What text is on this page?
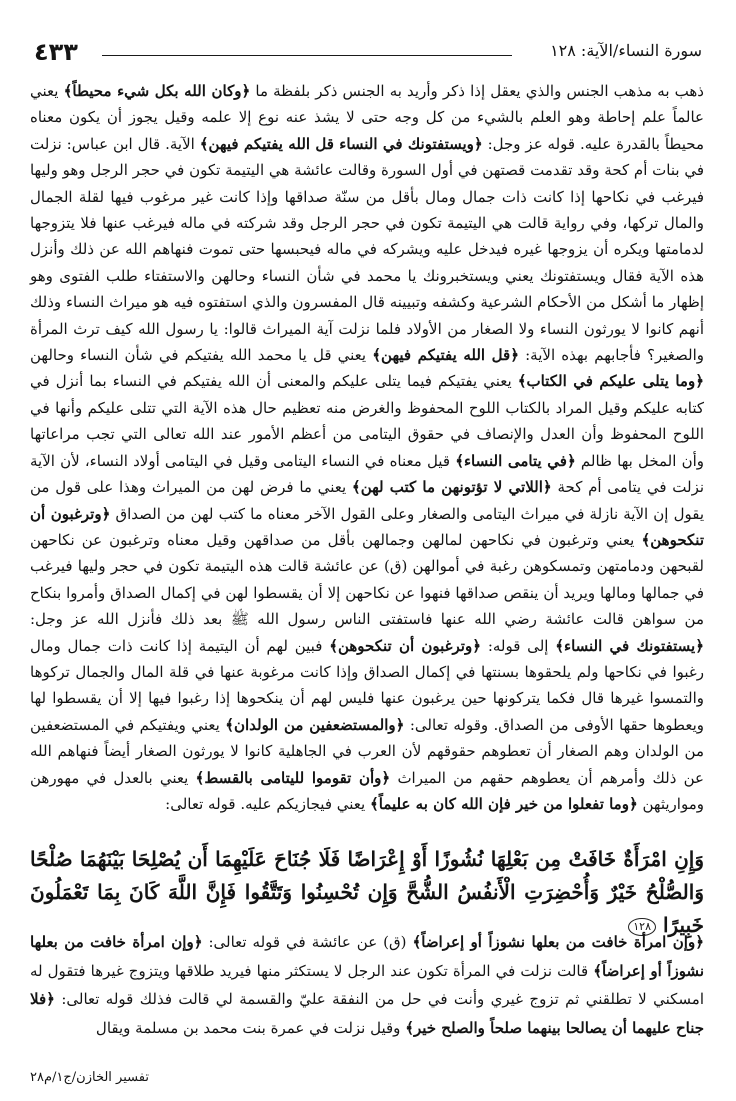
٤٣٣	سورة النساء/الآية: ١٢٨

ذهب به مذهب الجنس والذي يعقل إذا ذكر وأريد به الجنس ذكر بلفظة ما ﴿وكان الله بكل شيء محيطاً﴾ يعني عالماً علم إحاطة وهو العلم بالشيء من كل وجه حتى لا يشذ عنه نوع إلا علمه وقيل يجوز أن يكون معناه محيطاً بالقدرة عليه. قوله عز وجل: ﴿ويستفتونك في النساء قل الله يفتيكم فيهن﴾ الآية. قال ابن عباس: نزلت في بنات أم كحة وقد تقدمت قصتهن في أول السورة وقالت عائشة هي اليتيمة تكون في حجر الرجل وهو وليها فيرغب في نكاحها إذا كانت ذات جمال ومال بأقل من سنّة صداقها وإذا كانت غير مرغوب فيها لقلة الجمال والمال تركها، وفي رواية قالت هي اليتيمة تكون في حجر الرجل وقد شركته في ماله فيرغب عنها فلا يتزوجها لدمامتها ويكره أن يزوجها غيره فيدخل عليه ويشركه في ماله فيحبسها حتى تموت فنهاهم الله عن ذلك وأنزل هذه الآية فقال ويستفتونك يعني ويستخبرونك يا محمد في شأن النساء وحالهن والاستفتاء طلب الفتوى وهو إظهار ما أشكل من الأحكام الشرعية وكشفه وتبيينه قال المفسرون والذي استفتوه فيه هو ميراث النساء وذلك أنهم كانوا لا يورثون النساء ولا الصغار من الأولاد فلما نزلت آية الميراث قالوا: يا رسول الله كيف ترث المرأة والصغير؟ فأجابهم بهذه الآية: ﴿قل الله يفتيكم فيهن﴾ يعني قل يا محمد الله يفتيكم في شأن النساء وحالهن ﴿وما يتلى عليكم في الكتاب﴾ يعني يفتيكم فيما يتلى عليكم والمعنى أن الله يفتيكم في النساء بما أنزل في كتابه عليكم وقيل المراد بالكتاب اللوح المحفوظ والغرض منه تعظيم حال هذه الآية التي تتلى عليكم وأنها في اللوح المحفوظ وأن العدل والإنصاف في حقوق اليتامى من أعظم الأمور عند الله تعالى التي تجب مراعاتها وأن المخل بها ظالم ﴿في يتامى النساء﴾ قيل معناه في النساء اليتامى وقيل في اليتامى أولاد النساء، لأن الآية نزلت في يتامى أم كحة ﴿اللاتي لا تؤتونهن ما كتب لهن﴾ يعني ما فرض لهن من الميراث وهذا على قول من يقول إن الآية نازلة في ميراث اليتامى والصغار وعلى القول الآخر معناه ما كتب لهن من الصداق ﴿وترغبون أن تنكحوهن﴾ يعني وترغبون في نكاحهن لمالهن وجمالهن بأقل من صداقهن وقيل معناه وترغبون عن نكاحهن لقبحهن ودمامتهن وتمسكوهن رغبة في أموالهن (ق) عن عائشة قالت هذه اليتيمة تكون في حجر وليها فيرغب في جمالها ومالها ويريد أن ينقص صداقها فنهوا عن نكاحهن إلا أن يقسطوا لهن في إكمال الصداق وأمروا بنكاح من سواهن قالت عائشة رضي الله عنها فاستفتى الناس رسول الله ﷺ بعد ذلك فأنزل الله عز وجل: ﴿يستفتونك في النساء﴾ إلى قوله: ﴿وترغبون أن تنكحوهن﴾ فبين لهم أن اليتيمة إذا كانت ذات جمال ومال رغبوا في نكاحها ولم يلحقوها بسنتها في إكمال الصداق وإذا كانت مرغوبة عنها في قلة المال والجمال تركوها والتمسوا غيرها قال فكما يتركونها حين يرغبون عنها فليس لهم أن ينكحوها إذا رغبوا فيها إلا أن يقسطوا لها ويعطوها حقها الأوفى من الصداق. وقوله تعالى: ﴿والمستضعفين من الولدان﴾ يعني ويفتيكم في المستضعفين من الولدان وهم الصغار أن تعطوهم حقوقهم لأن العرب في الجاهلية كانوا لا يورثون الصغار أيضاً فنهاهم الله عن ذلك وأمرهم أن يعطوهم حقهم من الميراث ﴿وأن تقوموا لليتامى بالقسط﴾ يعني بالعدل في مهورهن ومواريثهن ﴿وما تفعلوا من خير فإن الله كان به عليماً﴾ يعني فيجازيكم عليه. قوله تعالى:

وَإِنِ امْرَأَةٌ خَافَتْ مِن بَعْلِهَا نُشُوزًا أَوْ إِعْرَاضًا فَلَا جُنَاحَ عَلَيْهِمَا أَن يُصْلِحَا بَيْنَهُمَا صُلْحًا وَالصُّلْحُ خَيْرٌ وَأُحْضِرَتِ الْأَنفُسُ الشُّحَّ وَإِن تُحْسِنُوا وَتَتَّقُوا فَإِنَّ اللَّهَ كَانَ بِمَا تَعْمَلُونَ خَبِيرًا ١٢٨

﴿وإن امرأة خافت من بعلها نشوزاً أو إعراضاً﴾ (ق) عن عائشة في قوله تعالى: ﴿وإن امرأة خافت من بعلها نشوزاً أو إعراضاً﴾ قالت نزلت في المرأة تكون عند الرجل لا يستكثر منها فيريد طلاقها ويتزوج غيرها فتقول له امسكني لا تطلقني ثم تزوج غيري وأنت في حل من النفقة عليّ والقسمة لي قالت فذلك قوله تعالى: ﴿فلا جناح عليهما أن يصالحا بينهما صلحاً والصلح خير﴾ وقيل نزلت في عمرة بنت محمد بن مسلمة ويقال

تفسير الخازن/ج١/م٢٨
